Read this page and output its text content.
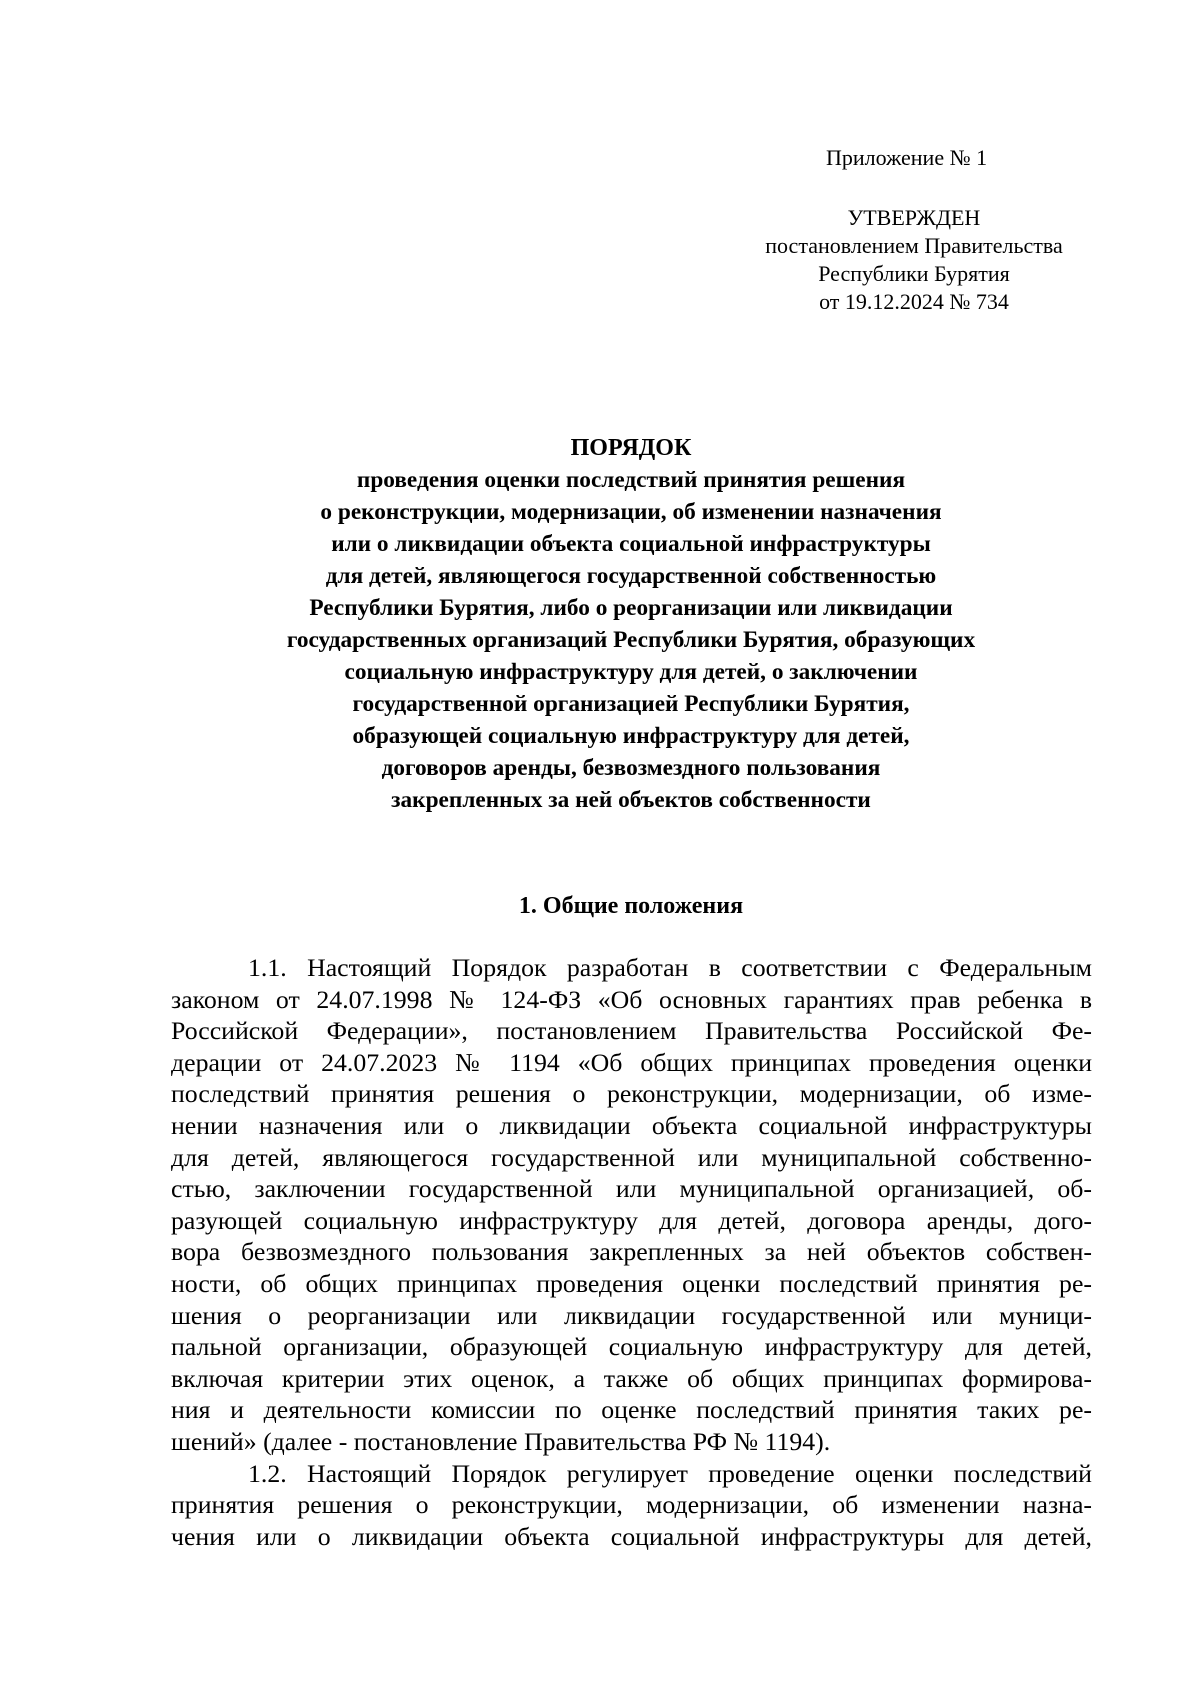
Приложение № 1
УТВЕРЖДЕН
постановлением Правительства
Республики Бурятия
от 19.12.2024 № 734
ПОРЯДОК
проведения оценки последствий принятия решения
о реконструкции, модернизации, об изменении назначения
или о ликвидации объекта социальной инфраструктуры
для детей, являющегося государственной собственностью
Республики Бурятия, либо о реорганизации или ликвидации
государственных организаций Республики Бурятия, образующих
социальную инфраструктуру для детей, о заключении
государственной организацией Республики Бурятия,
образующей социальную инфраструктуру для детей,
договоров аренды, безвозмездного пользования
закрепленных за ней объектов собственности
1. Общие положения
1.1. Настоящий Порядок разработан в соответствии с Федеральным
законом от 24.07.1998 № 124-ФЗ «Об основных гарантиях прав ребенка в
Российской Федерации», постановлением Правительства Российской Фе-
дерации от 24.07.2023 № 1194 «Об общих принципах проведения оценки
последствий принятия решения о реконструкции, модернизации, об изме-
нении назначения или о ликвидации объекта социальной инфраструктуры
для детей, являющегося государственной или муниципальной собственно-
стью, заключении государственной или муниципальной организацией, об-
разующей социальную инфраструктуру для детей, договора аренды, дого-
вора безвозмездного пользования закрепленных за ней объектов собствен-
ности, об общих принципах проведения оценки последствий принятия ре-
шения о реорганизации или ликвидации государственной или муници-
пальной организации, образующей социальную инфраструктуру для детей,
включая критерии этих оценок, а также об общих принципах формирова-
ния и деятельности комиссии по оценке последствий принятия таких ре-
шений» (далее - постановление Правительства РФ № 1194).
1.2. Настоящий Порядок регулирует проведение оценки последствий
принятия решения о реконструкции, модернизации, об изменении назна-
чения или о ликвидации объекта социальной инфраструктуры для детей,
